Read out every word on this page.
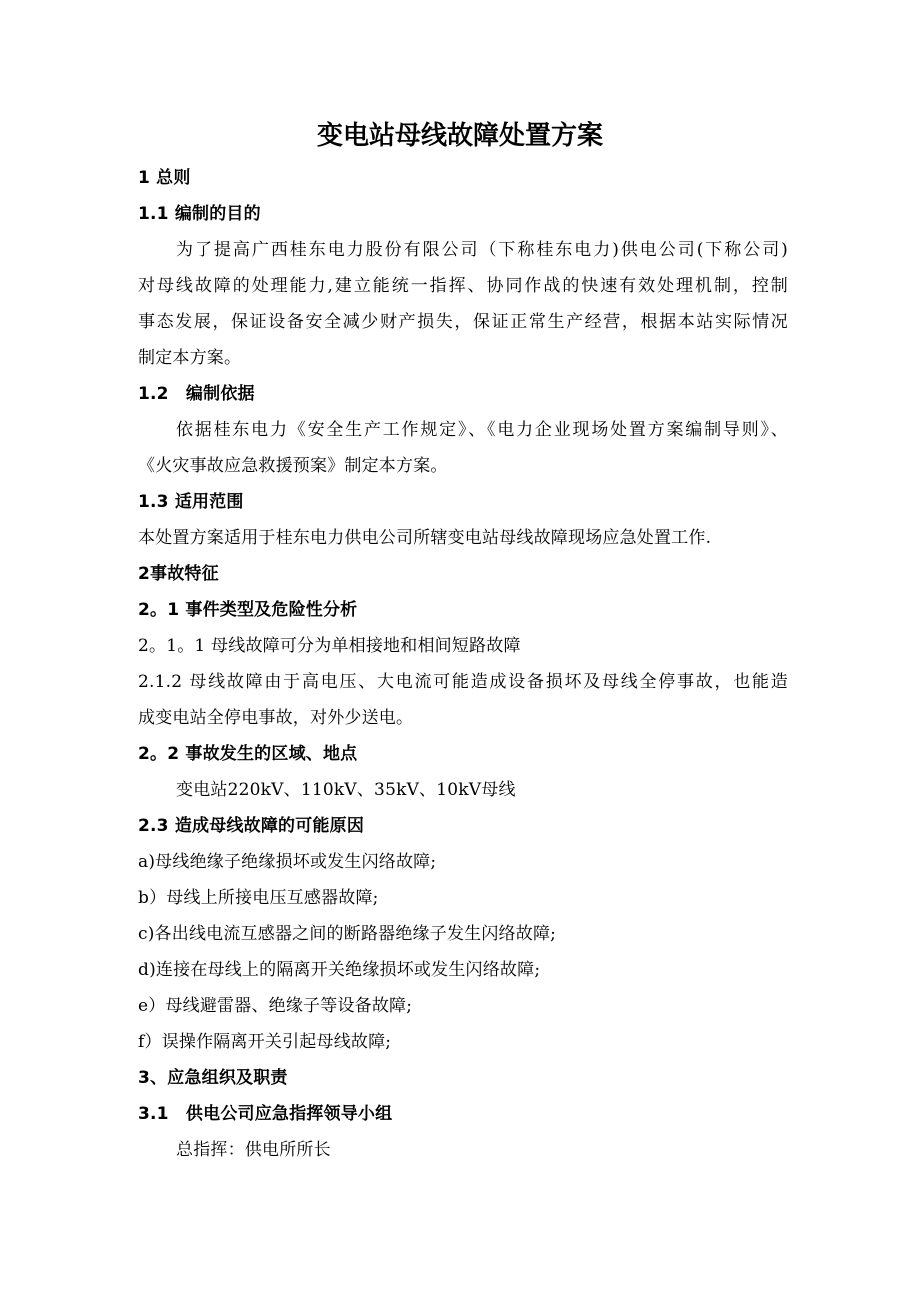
变电站母线故障处置方案

1 总则

1.1 编制的目的

为了提高广西桂东电力股份有限公司（下称桂东电力)供电公司(下称公司)

对母线故障的处理能力,建立能统一指挥、协同作战的快速有效处理机制，控制

事态发展，保证设备安全减少财产损失，保证正常生产经营，根据本站实际情况

制定本方案。

1.2　编制依据

依据桂东电力《安全生产工作规定》、《电力企业现场处置方案编制导则》、

《火灾事故应急救援预案》制定本方案。

1.3 适用范围

本处置方案适用于桂东电力供电公司所辖变电站母线故障现场应急处置工作.

2事故特征

2。1 事件类型及危险性分析

2。1。1 母线故障可分为单相接地和相间短路故障

2.1.2 母线故障由于高电压、大电流可能造成设备损坏及母线全停事故，也能造

成变电站全停电事故，对外少送电。

2。2 事故发生的区域、地点

变电站220kV、110kV、35kV、10kV母线

2.3 造成母线故障的可能原因

a)母线绝缘子绝缘损坏或发生闪络故障;

b）母线上所接电压互感器故障;

c)各出线电流互感器之间的断路器绝缘子发生闪络故障;

d)连接在母线上的隔离开关绝缘损坏或发生闪络故障;

e）母线避雷器、绝缘子等设备故障;

f）误操作隔离开关引起母线故障;

3、应急组织及职责

3.1　供电公司应急指挥领导小组

总指挥：供电所所长
